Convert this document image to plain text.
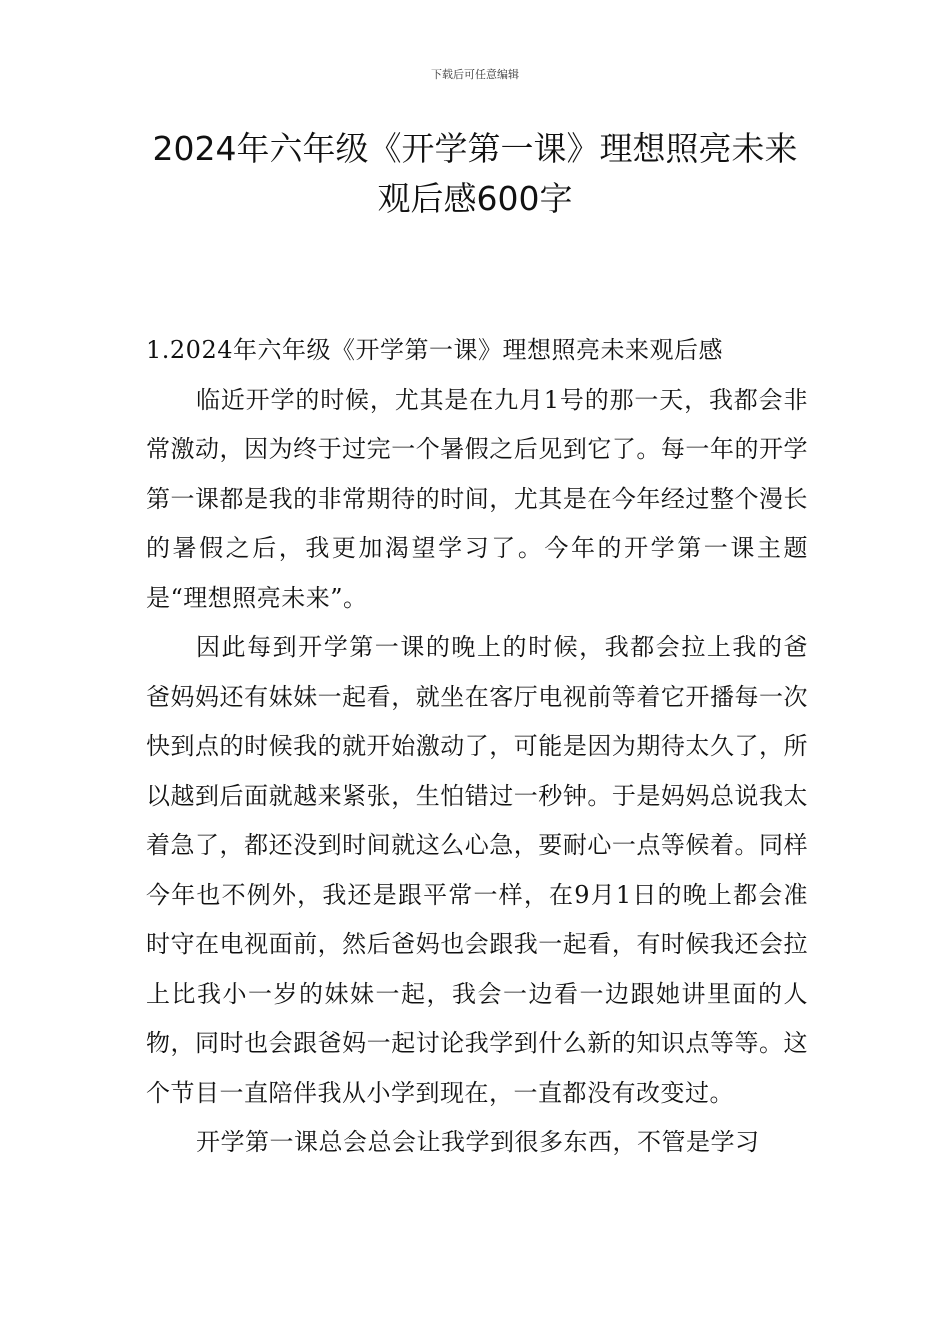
下载后可任意编辑
2024年六年级《开学第一课》理想照亮未来观后感600字

1.2024年六年级《开学第一课》理想照亮未来观后感

临近开学的时候，尤其是在九月1号的那一天，我都会非常激动，因为终于过完一个暑假之后见到它了。每一年的开学第一课都是我的非常期待的时间，尤其是在今年经过整个漫长的暑假之后，我更加渴望学习了。今年的开学第一课主题是“理想照亮未来”。

因此每到开学第一课的晚上的时候，我都会拉上我的爸爸妈妈还有妹妹一起看，就坐在客厅电视前等着它开播每一次快到点的时候我的就开始激动了，可能是因为期待太久了，所以越到后面就越来紧张，生怕错过一秒钟。于是妈妈总说我太着急了，都还没到时间就这么心急，要耐心一点等候着。同样今年也不例外，我还是跟平常一样，在9月1日的晚上都会准时守在电视面前，然后爸妈也会跟我一起看，有时候我还会拉上比我小一岁的妹妹一起，我会一边看一边跟她讲里面的人物，同时也会跟爸妈一起讨论我学到什么新的知识点等等。这个节目一直陪伴我从小学到现在，一直都没有改变过。

开学第一课总会总会让我学到很多东西，不管是学习
